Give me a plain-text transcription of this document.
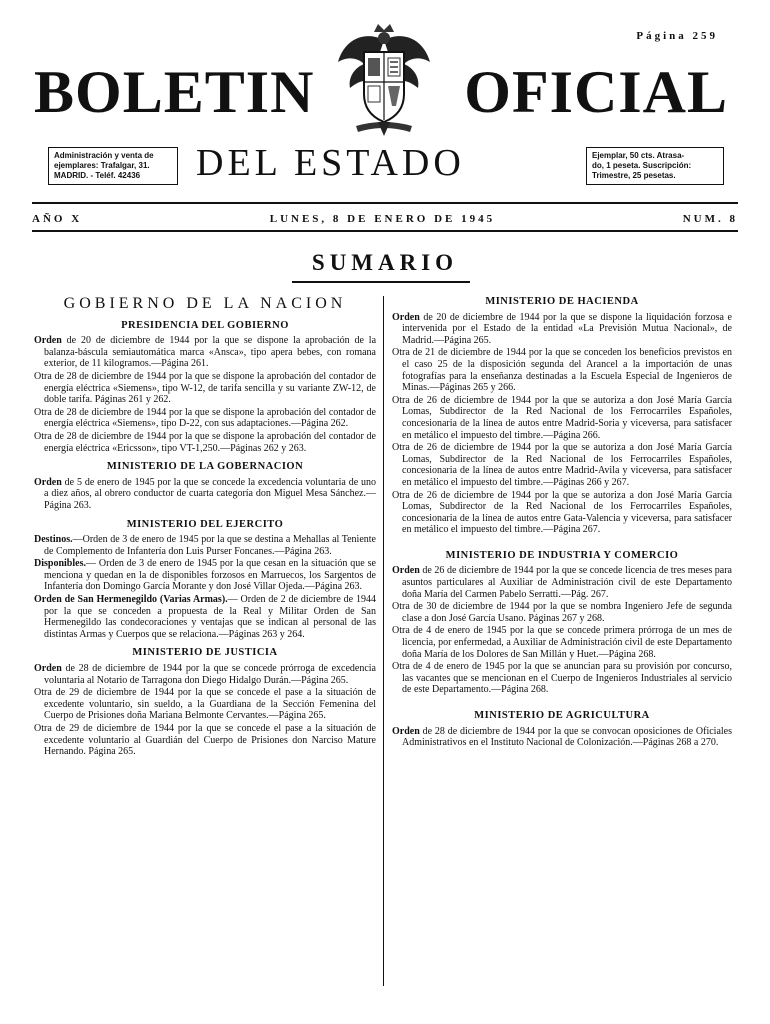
Página 259
BOLETIN OFICIAL
Administración y venta de
ejemplares: Trafalgar, 31.
MADRID. - Teléf. 42436	DEL ESTADO	Ejemplar, 50 cts. Atrasa-
do, 1 peseta. Suscripción:
Trimestre, 25 pesetas.
AÑO X	LUNES, 8 DE ENERO DE 1945	NUM. 8
SUMARIO
GOBIERNO DE LA NACION
PRESIDENCIA DEL GOBIERNO

Orden de 20 de diciembre de 1944 por la que se dispone la aprobación de la balanza-báscula semiautomática marca «Ansca», tipo apera bebes, con romana exterior, de 11 kilogramos.—Página 261.

Otra de 28 de diciembre de 1944 por la que se dispone la aprobación del contador de energía eléctrica «Siemens», tipo W-12, de tarifa sencilla y su variante ZW-12, de doble tarifa. Páginas 261 y 262.

Otra de 28 de diciembre de 1944 por la que se dispone la aprobación del contador de energía eléctrica «Siemens», tipo D-22, con sus adaptaciones.—Página 262.

Otra de 28 de diciembre de 1944 por la que se dispone la aprobación del contador de energía eléctrica «Ericsson», tipo VT-1,250.—Páginas 262 y 263.

MINISTERIO DE LA GOBERNACION

Orden de 5 de enero de 1945 por la que se concede la excedencia voluntaria de uno a diez años, al obrero conductor de cuarta categoría don Miguel Mesa Sánchez.—Página 263.

MINISTERIO DEL EJERCITO

Destinos.—Orden de 3 de enero de 1945 por la que se destina a Mehallas al Teniente de Complemento de Infantería don Luis Purser Foncanes.—Página 263.

Disponibles.— Orden de 3 de enero de 1945 por la que cesan en la situación que se menciona y quedan en la de disponibles forzosos en Marruecos, los Sargentos de Infantería don Domingo García Morante y don José Villar Ojeda.—Página 263.

Orden de San Hermenegildo (Varias Armas).— Orden de 2 de diciembre de 1944 por la que se conceden a propuesta de la Real y Militar Orden de San Hermenegildo las condecoraciones y ventajas que se indican al personal de las distintas Armas y Cuerpos que se relaciona.—Páginas 263 y 264.

MINISTERIO DE JUSTICIA

Orden de 28 de diciembre de 1944 por la que se concede prórroga de excedencia voluntaria al Notario de Tarragona don Diego Hidalgo Durán.—Página 265.

Otra de 29 de diciembre de 1944 por la que se concede el pase a la situación de excedente voluntario, sin sueldo, a la Guardiana de la Sección Femenina del Cuerpo de Prisiones doña Mariana Belmonte Cervantes.—Página 265.

Otra de 29 de diciembre de 1944 por la que se concede el pase a la situación de excedente voluntario al Guardián del Cuerpo de Prisiones don Narciso Mature Hernando. Página 265.

MINISTERIO DE HACIENDA

Orden de 20 de diciembre de 1944 por la que se dispone la liquidación forzosa e intervenida por el Estado de la entidad «La Previsión Mutua Nacional», de Madrid.—Página 265.

Otra de 21 de diciembre de 1944 por la que se conceden los beneficios previstos en el caso 25 de la disposición segunda del Arancel a la importación de unas fotografías para la enseñanza destinadas a la Escuela Especial de Ingenieros de Minas.—Páginas 265 y 266.

Otra de 26 de diciembre de 1944 por la que se autoriza a don José María García Lomas, Subdirector de la Red Nacional de los Ferrocarriles Españoles, concesionaria de la línea de autos entre Madrid-Soria y viceversa, para satisfacer en metálico el impuesto del timbre.—Página 266.

Otra de 26 de diciembre de 1944 por la que se autoriza a don José María García Lomas, Subdirector de la Red Nacional de los Ferrocarriles Españoles, concesionaria de la línea de autos entre Madrid-Avila y viceversa, para satisfacer en metálico el impuesto del timbre.—Páginas 266 y 267.

Otra de 26 de diciembre de 1944 por la que se autoriza a don José María García Lomas, Subdirector de la Red Nacional de los Ferrocarriles Españoles, concesionaria de la línea de autos entre Gata-Valencia y viceversa, para satisfacer en metálico el impuesto del timbre.—Página 267.

MINISTERIO DE INDUSTRIA Y COMERCIO

Orden de 26 de diciembre de 1944 por la que se concede licencia de tres meses para asuntos particulares al Auxiliar de Administración civil de este Departamento doña María del Carmen Pabelo Serratti.—Pág. 267.

Otra de 30 de diciembre de 1944 por la que se nombra Ingeniero Jefe de segunda clase a don José García Usano. Páginas 267 y 268.

Otra de 4 de enero de 1945 por la que se concede primera prórroga de un mes de licencia, por enfermedad, a Auxiliar de Administración civil de este Departamento doña María de los Dolores de San Millán y Huet.—Página 268.

Otra de 4 de enero de 1945 por la que se anuncian para su provisión por concurso, las vacantes que se mencionan en el Cuerpo de Ingenieros Industriales al servicio de este Departamento.—Página 268.

MINISTERIO DE AGRICULTURA

Orden de 28 de diciembre de 1944 por la que se convocan oposiciones de Oficiales Administrativos en el Instituto Nacional de Colonización.—Páginas 268 a 270.
